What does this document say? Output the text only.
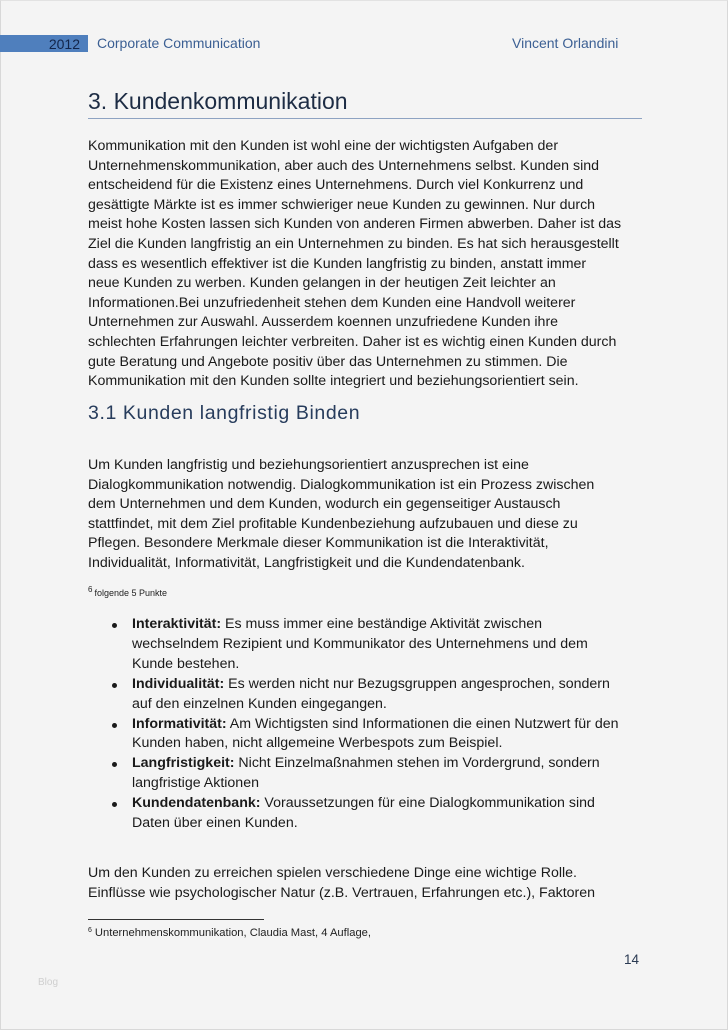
2012 Corporate Communication	Vincent Orlandini
3. Kundenkommunikation

Kommunikation mit den Kunden ist wohl eine der wichtigsten Aufgaben der
Unternehmenskommunikation, aber auch des Unternehmens selbst. Kunden sind
entscheidend für die Existenz eines Unternehmens. Durch viel Konkurrenz und
gesättigte Märkte ist es immer schwieriger neue Kunden zu gewinnen. Nur durch
meist hohe Kosten lassen sich Kunden von anderen Firmen abwerben. Daher ist das
Ziel die Kunden langfristig an ein Unternehmen zu binden. Es hat sich herausgestellt
dass es wesentlich effektiver ist die Kunden langfristig zu binden, anstatt immer
neue Kunden zu werben. Kunden gelangen in der heutigen Zeit leichter an
Informationen.Bei unzufriedenheit stehen dem Kunden eine Handvoll weiterer
Unternehmen zur Auswahl. Ausserdem koennen unzufriedene Kunden ihre
schlechten Erfahrungen leichter verbreiten. Daher ist es wichtig einen Kunden durch
gute Beratung und Angebote positiv über das Unternehmen zu stimmen. Die
Kommunikation mit den Kunden sollte integriert und beziehungsorientiert sein.

3.1 Kunden langfristig Binden

Um Kunden langfristig und beziehungsorientiert anzusprechen ist eine
Dialogkommunikation notwendig. Dialogkommunikation ist ein Prozess zwischen
dem Unternehmen und dem Kunden, wodurch ein gegenseitiger Austausch
stattfindet, mit dem Ziel profitable Kundenbeziehung aufzubauen und diese zu
Pflegen. Besondere Merkmale dieser Kommunikation ist die Interaktivität,
Individualität, Informativität, Langfristigkeit und die Kundendatenbank.

$^6$ folgende 5 Punkte
Interaktivität: Es muss immer eine beständige Aktivität zwischen
wechselndem Rezipient und Kommunikator des Unternehmens und dem
Kunde bestehen.
Individualität: Es werden nicht nur Bezugsgruppen angesprochen, sondern
auf den einzelnen Kunden eingegangen.
Informativität: Am Wichtigsten sind Informationen die einen Nutzwert für den
Kunden haben, nicht allgemeine Werbespots zum Beispiel.
Langfristigkeit: Nicht Einzelmaßnahmen stehen im Vordergrund, sondern
langfristige Aktionen
Kundendatenbank: Voraussetzungen für eine Dialogkommunikation sind
Daten über einen Kunden.

Um den Kunden zu erreichen spielen verschiedene Dinge eine wichtige Rolle.
Einflüsse wie psychologischer Natur (z.B. Vertrauen, Erfahrungen etc.), Faktoren

$^6$ Unternehmenskommunikation, Claudia Mast, 4 Auflage,
14
Blog
